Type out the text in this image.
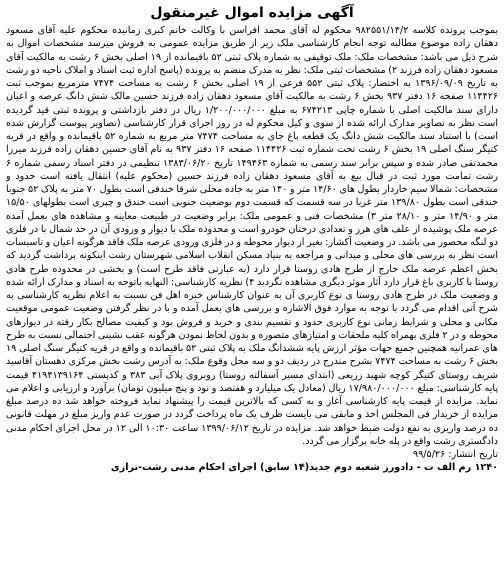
آگهی مزایده اموال غیرمنقول

بموجب پرونده کلاسه ۹۸۲۵۵۱/۱۴/۲ محکوم له آقای محمد افراسن با وکالت خانم کبری زمانیده محکوم علیه آقای مسعود دهقان زاده موضوع مطالبه توجه انجام کارشناسی ملک زیر از طریق مزایده عمومی به فروش میرسد مشخصات اموال به شرح ذیل می باشد: مشخصات ملک: ملک توقیفی به شماره پلاک ثبتی ۵۲ باقیمانده از ۱۹ اصلی بخش ۶ رشت به مالکیت آقای مسعود دهقان زاده فرزند ۲) مشخصات ثبتی ملک: نظر به مدرک منضم به پرونده (پاسخ اداره ثبت اسناد و املاک ناحیه دو رشت به تاریخ ۱۳۹۶/۰۹/۰۹ به اختصار: پلاک ثبتی ۵۵۲ فرعی از ۱۹ اصلی بخش ۶ رشت به مساحت ۷۴۷۴ مترمربع بموجب ثبت ۱۱۴۴۲۶ صفحه ۱۶ دفتر ۹۳۷ بخش ۶ رشت به مالکیت آقای مسعود دهقان زاده فرزند حسین مالک شش دانگ عرصه و اعیان دارای سند مالکیت اصلی با شماره چاپی ۶۷۴۲۱۳ به مبلغ ۱/۲۰۰/۰۰۰/۰۰۰ ریال در دفتر بازداشتی و پرونده ثبتی قید گردیده است نظر به تصاویر مدارک ارائه شده از سوی و کیل محکوم له در روز اجرای قرار کارشناسی (تصاویر پیوست گزارش شده است) با استناد سند مالکیت شش دانگ یک قطعه باغ جای به مساحت ۷۴۷۴ متر مربع به شماره ۵۲ باقیمانده و واقع در قریه کتیگر سنگ اصلی ۱۹ بخش ۶ رشت تحت شماره ثبت ۱۱۴۴۲۶ صفحه ۱۶ دفتر ۹۳۷ به نام آقای حسین دهقان زاده فرزند میرزا محمدتقی صادر شده و سپس برابر سند رسمی به شماره ۱۴۹۴۶۳ تاریخ ۱۳۸۳/۰۶/۲۰ تنظیمی در دفتر اسناد رسمی شماره ۶ رشت تمامت مورد ثبت در قبال بیع به آقای مسعود دهقان زاده فرزند حسین (محکوم علیه) انتقال یافته است حدود و مشخصات: شمالا سیم خاردار بطول های ۱۴/۶۰ متر و ۱۴۰ متر به جاده محلی شرقا خندقی است بطول ۷۰ متر به پلاک ۵۲ جنوبا خندقی است بطول ۱۳۹/۸۰ متر غربا در سه قسمت که قسمت دوم بوضعیت جنوبی است خندق و چپری است بطولهای ۱۵/۵۰ متر و ۱۴/۹۰ متر و ۲۸/۱۰ متر ۳) مشخصات فنی و عمومی ملک: برابر وضعیت در طبیعت معاینه و مشاهده های بعمل آمده عرصه ملک پوشیده از علف های هرز و تعدادی درختان خودرو است و محدوده ملک با دیوار و ورودی آن در حد شمال با در فلزی دو لنگه محصور می باشد. در وضعیت آکشار: بغیر از دیوار محوطه و در فلزی ورودی عرصه ملک فاقد هرگونه اعیان و تاسیسات است نظر به بررسی های محلی و میدانی و مراجعه به بنیاد مسکن انقلاب اسلامی شهرستان رشت اینکونه برداشت گردید که بخش اعظم عرصه ملک خارج از طرح هادی روستا قرار دارد (به عبارتی فاقد طرح است) و بخشی در محدوده طرح هادی روستا با کاربری باغ قرار دارد آثار موثر دیگری مشاهده نگردید ۴) نظریه کارشناسی: النهایه باتوجه به اسناد و مدارک ارائه شده و وضعیت ملک در طرح هادی روستا ی نوع کاربری آن به عنوان کارشناس خبره اهل فن نسبت به اعلام نظریه کارشناسی به شرح آتی اقدام می گردد با توجه به موارد فوق الاشاره و بررسی های بعمل آمده و با در نظر گرفتن وضعیت عمومی موقعیت مکانی و محلی و شرایط زمانی نوع کاربری حدود و تقسیم بندی و خرید و فروش بود و کیفیت مصالح بکار رفته در دیوارهای محوطه و در ۲ فلزی بهمراه کلیه ملحقات و امتیازهای متصوره و بدون لحاظ نمودن هرگونه عقب نشینی احتمالی نسبت به طرح های عمرانیه همچنین جمیع جهات مؤثر ارزش پایه ششدانگ ملک به پلاک ثبتی ۵۲ باقیمانده و واقع در قریه کتیگر سنگ اصلی ۱۹ بخش ۶ رشت به مساحت ۷۴۷۴ بشرح مندرج در ردیف دو و سه محل وقوع ملک: به آدرس رشت بخش مرکزی دهستان آقاسید شریف روستای کتیگر کوچه شهید زریعی (ابتدای مسیر آسفالته روستا) روبروی پلاک آبی ۳۸۳ و کدپستی ۴۱۹۴۱۳۹۱۶۴ قیمت پایه کارشناسی: مبلغ ۱۷/۹۸۰/۰۰۰/۰۰۰ ریال (معادل یک میلیارد و هفتصد و نود و پنج میلیون تومان) برآورد و ارزیابی و اعلام می نماید. مزایده از قیمت پایه کارشناسی آغاز و به کسی که بالاترین قیمت را پیشنهاد نماید فروخته خواهد شد ده درصد مبلغ مزایده از خریدار فی المجلس اخذ و مابقی می بایست ظرف یک ماه پرداخت گردد در صورت عدم واریز مبلغ در مهلت قانونی ده درصد واریزی به نفع دولت ضبط خواهد شد. مزایده در تاریخ ۱۳۹۹/۰۶/۱۲ ساعت ۱۰:۳۰ الی ۱۲ در محل اجرای احکام مدنی دادگستری رشت واقع در پله خانه برگزار می گردد.

تاریخ انتشار: ۹۹/۵/۲۶
۱۲۴۰ رم الف ت - دادورز شعبه دوم جدید(۱۴ سابق) اجرای احکام مدنی رشت-ترازی
